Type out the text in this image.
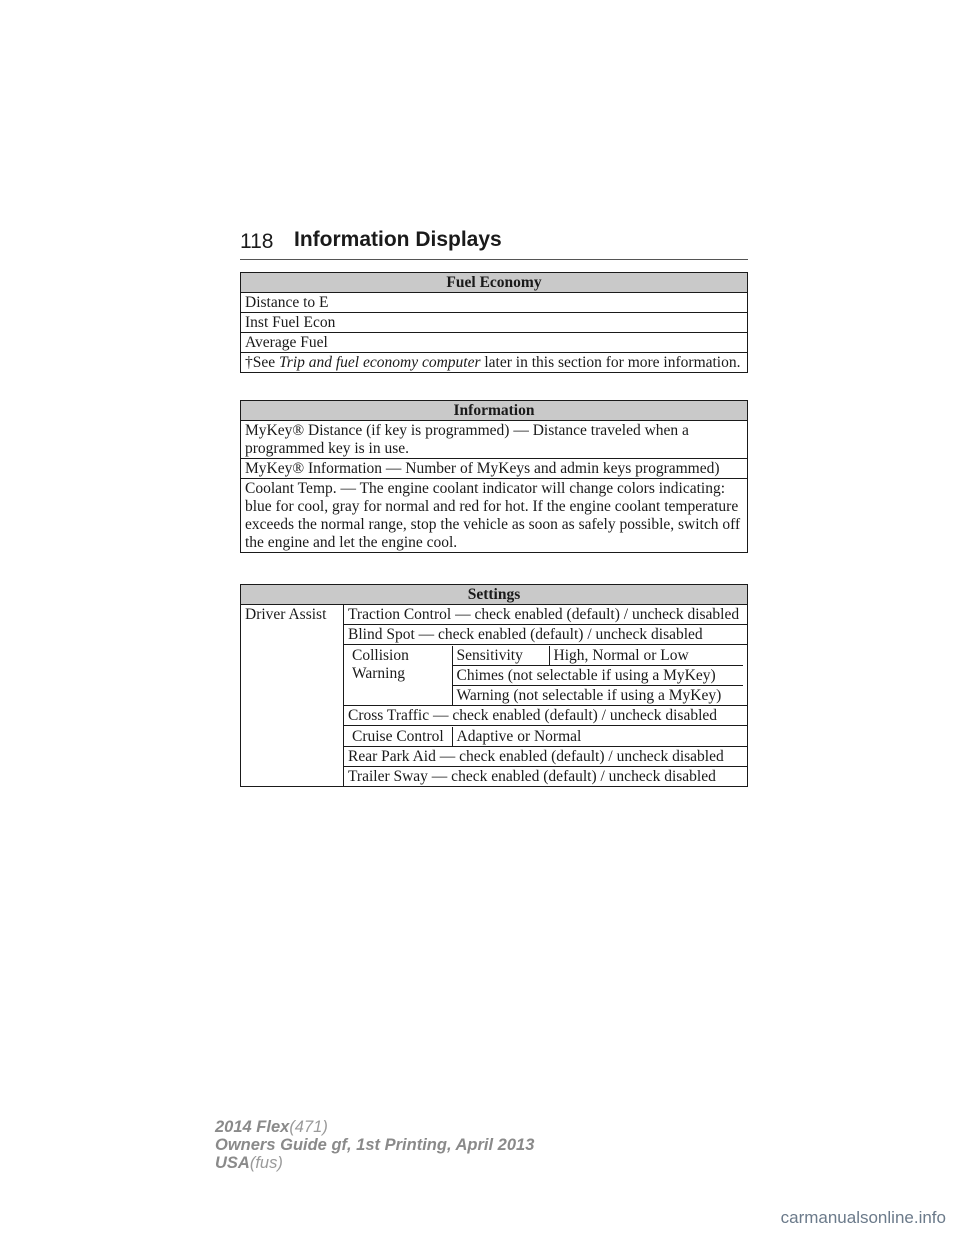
118 Information Displays
Fuel Economy
Distance to E
Inst Fuel Econ
Average Fuel
†See Trip and fuel economy computer later in this section for more information.
Information
MyKey® Distance (if key is programmed) — Distance traveled when a programmed key is in use.
MyKey® Information — Number of MyKeys and admin keys programmed)
Coolant Temp. — The engine coolant indicator will change colors indicating: blue for cool, gray for normal and red for hot. If the engine coolant temperature exceeds the normal range, stop the vehicle as soon as safely possible, switch off the engine and let the engine cool.
Settings
Driver Assist	Traction Control — check enabled (default) / uncheck disabled
Blind Spot — check enabled (default) / uncheck disabled

Collision Warning	Sensitivity	High, Normal or Low
Chimes (not selectable if using a MyKey)
Warning (not selectable if using a MyKey)

Cross Traffic — check enabled (default) / uncheck disabled

Cruise Control	Adaptive or Normal

Rear Park Aid — check enabled (default) / uncheck disabled
Trailer Sway — check enabled (default) / uncheck disabled
2014 Flex(471)
Owners Guide gf, 1st Printing, April 2013
USA(fus)
carmanualsonline.info
